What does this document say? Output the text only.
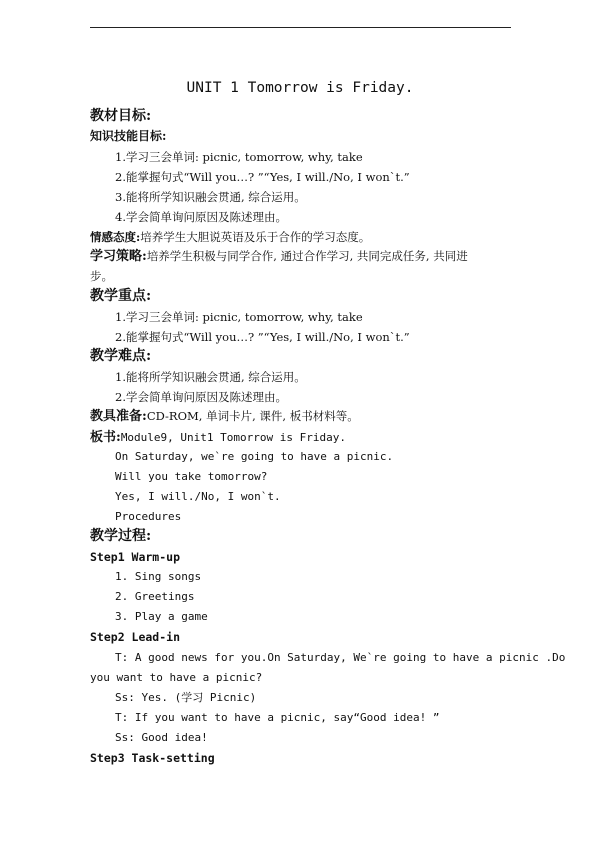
UNIT 1 Tomorrow is Friday.
教材目标:
知识技能目标:
1.学习三会单词: picnic, tomorrow, why, take
2.能掌握句式“Will you…? ”“Yes, I will./No, I won`t.”
3.能将所学知识融会贯通, 综合运用。
4.学会简单询问原因及陈述理由。
情感态度:培养学生大胆说英语及乐于合作的学习态度。
学习策略:培养学生积极与同学合作, 通过合作学习, 共同完成任务, 共同进
步。
教学重点:
1.学习三会单词: picnic, tomorrow, why, take
2.能掌握句式“Will you…? ”“Yes, I will./No, I won`t.”
教学难点:
1.能将所学知识融会贯通, 综合运用。
2.学会简单询问原因及陈述理由。
教具准备:CD-ROM, 单词卡片, 课件, 板书材料等。
板书:Module9, Unit1 Tomorrow is Friday.
On Saturday, we`re going to have a picnic.
Will you take tomorrow?
Yes, I will./No, I won`t.
Procedures
教学过程:
Step1 Warm-up
1. Sing songs
2. Greetings
3. Play a game
Step2 Lead-in
T: A good news for you.On Saturday, We`re going to have a picnic .Do
you want to have a picnic?
Ss: Yes. (学习 Picnic)
T: If you want to have a picnic, say“Good idea! ”
Ss: Good idea!
Step3 Task-setting
